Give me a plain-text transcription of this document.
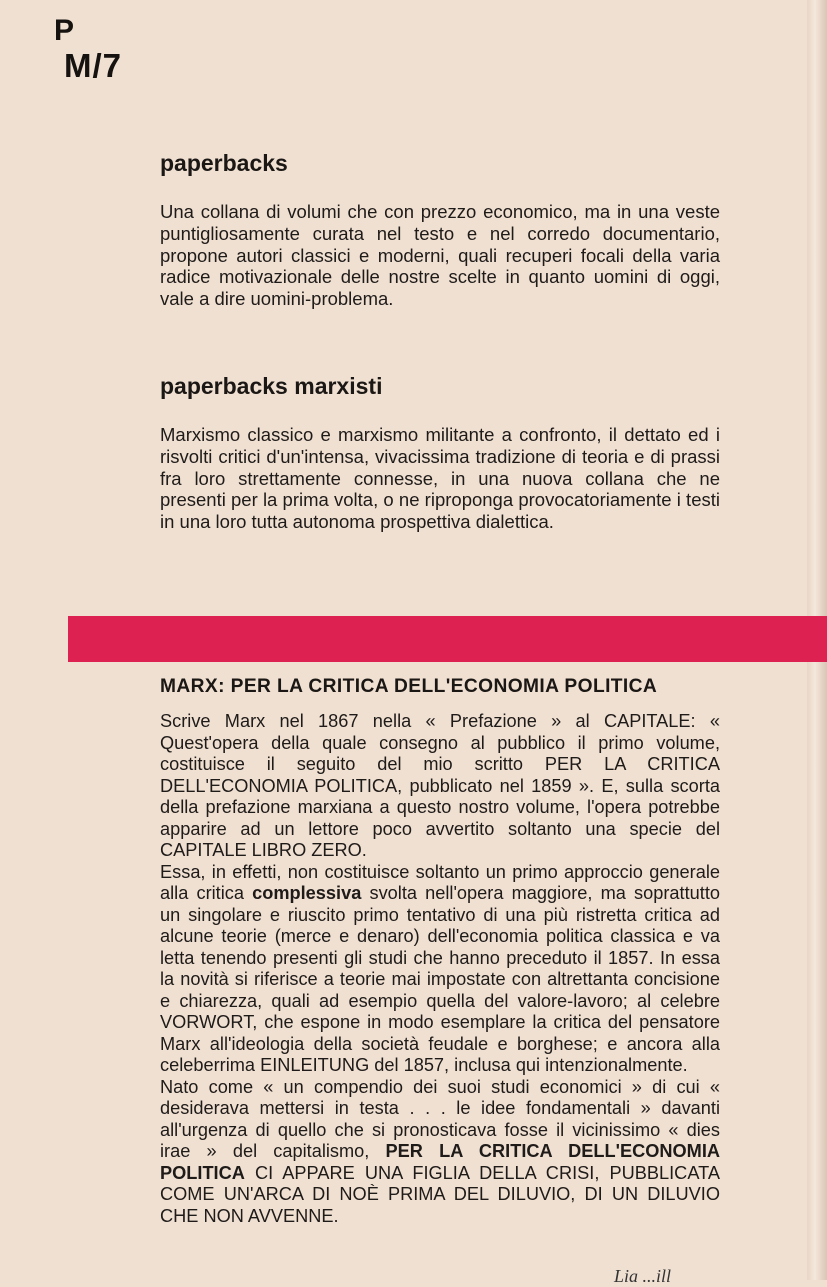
P
M/7
paperbacks

Una collana di volumi che con prezzo economico, ma in una veste puntigliosamente curata nel testo e nel corredo documentario, propone autori classici e moderni, quali recuperi focali della varia radice motivazionale delle nostre scelte in quanto uomini di oggi, vale a dire uomini-problema.

paperbacks marxisti

Marxismo classico e marxismo militante a confronto, il dettato ed i risvolti critici d'un'intensa, vivacissima tradizione di teoria e di prassi fra loro strettamente connesse, in una nuova collana che ne presenti per la prima volta, o ne riproponga provocatoriamente i testi in una loro tutta autonoma prospettiva dialettica.

MARX: PER LA CRITICA DELL'ECONOMIA POLITICA

Scrive Marx nel 1867 nella « Prefazione » al CAPITALE: « Quest'opera della quale consegno al pubblico il primo volume, costituisce il seguito del mio scritto PER LA CRITICA DELL'ECONOMIA POLITICA, pubblicato nel 1859 ». E, sulla scorta della prefazione marxiana a questo nostro volume, l'opera potrebbe apparire ad un lettore poco avvertito soltanto una specie del CAPITALE LIBRO ZERO.

Essa, in effetti, non costituisce soltanto un primo approccio generale alla critica complessiva svolta nell'opera maggiore, ma soprattutto un singolare e riuscito primo tentativo di una più ristretta critica ad alcune teorie (merce e denaro) dell'economia politica classica e va letta tenendo presenti gli studi che hanno preceduto il 1857. In essa la novità si riferisce a teorie mai impostate con altrettanta concisione e chiarezza, quali ad esempio quella del valore-lavoro; al celebre VORWORT, che espone in modo esemplare la critica del pensatore Marx all'ideologia della società feudale e borghese; e ancora alla celeberrima EINLEITUNG del 1857, inclusa qui intenzionalmente.

Nato come « un compendio dei suoi studi economici » di cui « desiderava mettersi in testa . . . le idee fondamentali » davanti all'urgenza di quello che si pronosticava fosse il vicinissimo « dies irae » del capitalismo, PER LA CRITICA DELL'ECONOMIA POLITICA CI APPARE UNA FIGLIA DELLA CRISI, PUBBLICATA COME UN'ARCA DI NOÈ PRIMA DEL DILUVIO, DI UN DILUVIO CHE NON AVVENNE.

Lia ...ill
